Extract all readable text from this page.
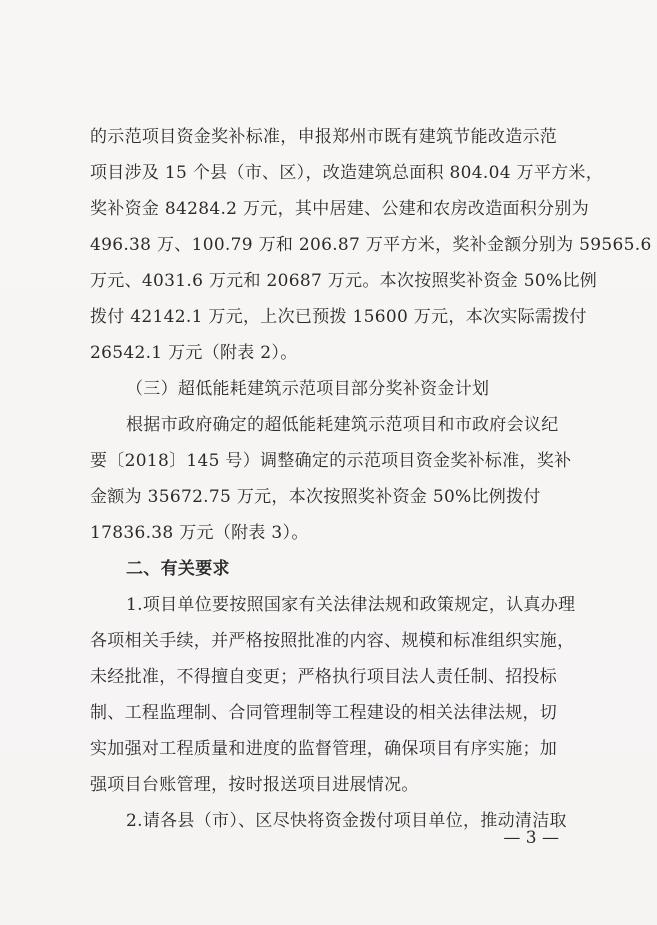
的示范项目资金奖补标准，申报郑州市既有建筑节能改造示范
项目涉及 15 个县（市、区），改造建筑总面积 804.04 万平方米，
奖补资金 84284.2 万元，其中居建、公建和农房改造面积分别为
496.38 万、100.79 万和 206.87 万平方米，奖补金额分别为 59565.6
万元、4031.6 万元和 20687 万元。本次按照奖补资金 50%比例
拨付 42142.1 万元，上次已预拨 15600 万元，本次实际需拨付
26542.1 万元（附表 2）。
（三）超低能耗建筑示范项目部分奖补资金计划
根据市政府确定的超低能耗建筑示范项目和市政府会议纪
要〔2018〕145 号）调整确定的示范项目资金奖补标准，奖补
金额为 35672.75 万元，本次按照奖补资金 50%比例拨付
17836.38 万元（附表 3）。
二、有关要求
1.项目单位要按照国家有关法律法规和政策规定，认真办理
各项相关手续，并严格按照批准的内容、规模和标准组织实施，
未经批准，不得擅自变更；严格执行项目法人责任制、招投标
制、工程监理制、合同管理制等工程建设的相关法律法规，切
实加强对工程质量和进度的监督管理，确保项目有序实施；加
强项目台账管理，按时报送项目进展情况。
2.请各县（市）、区尽快将资金拨付项目单位，推动清洁取
— 3 —
